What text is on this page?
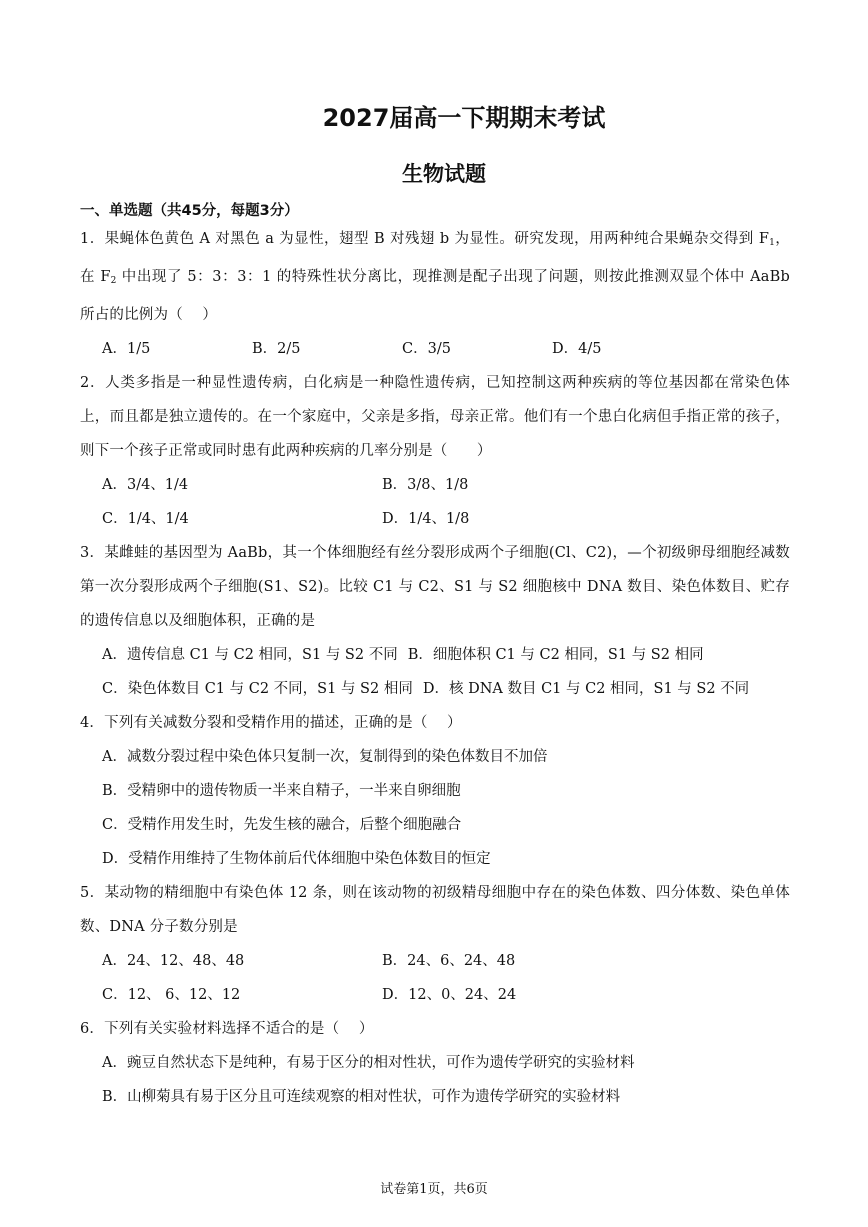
2027届高一下期期末考试
生物试题
一、单选题（共45分，每题3分）
1．果蝇体色黄色 A 对黑色 a 为显性，翅型 B 对残翅 b 为显性。研究发现，用两种纯合果蝇杂交得到 $F_1$，在 $F_2$ 中出现了 5：3：3：1 的特殊性状分离比，现推测是配子出现了问题，则按此推测双显个体中 AaBb 所占的比例为（　 ）
A．1/5	B．2/5	C．3/5	D．4/5
2．人类多指是一种显性遗传病，白化病是一种隐性遗传病，已知控制这两种疾病的等位基因都在常染色体上，而且都是独立遗传的。在一个家庭中，父亲是多指，母亲正常。他们有一个患白化病但手指正常的孩子，则下一个孩子正常或同时患有此两种疾病的几率分别是（　　）
A．3/4、1/4	B．3/8、1/8
C．1/4、1/4	D．1/4、1/8
3．某雌蛙的基因型为 AaBb，其一个体细胞经有丝分裂形成两个子细胞(Cl、C2)，—个初级卵母细胞经减数第一次分裂形成两个子细胞(S1、S2)。比较 C1 与 C2、S1 与 S2 细胞核中 DNA 数目、染色体数目、贮存的遗传信息以及细胞体积，正确的是
A．遗传信息 C1 与 C2 相同，S1 与 S2 不同 B．细胞体积 C1 与 C2 相同，S1 与 S2 相同
C．染色体数目 C1 与 C2 不同，S1 与 S2 相同 D．核 DNA 数目 C1 与 C2 相同，S1 与 S2 不同
4．下列有关减数分裂和受精作用的描述，正确的是（　 ）
A．减数分裂过程中染色体只复制一次，复制得到的染色体数目不加倍
B．受精卵中的遗传物质一半来自精子，一半来自卵细胞
C．受精作用发生时，先发生核的融合，后整个细胞融合
D．受精作用维持了生物体前后代体细胞中染色体数目的恒定
5．某动物的精细胞中有染色体 12 条，则在该动物的初级精母细胞中存在的染色体数、四分体数、染色单体数、DNA 分子数分别是
A．24、12、48、48	B．24、6、24、48
C．12、 6、12、12	D．12、0、24、24
6．下列有关实验材料选择不适合的是（　 ）
A．豌豆自然状态下是纯种，有易于区分的相对性状，可作为遗传学研究的实验材料
B．山柳菊具有易于区分且可连续观察的相对性状，可作为遗传学研究的实验材料
试卷第1页，共6页
